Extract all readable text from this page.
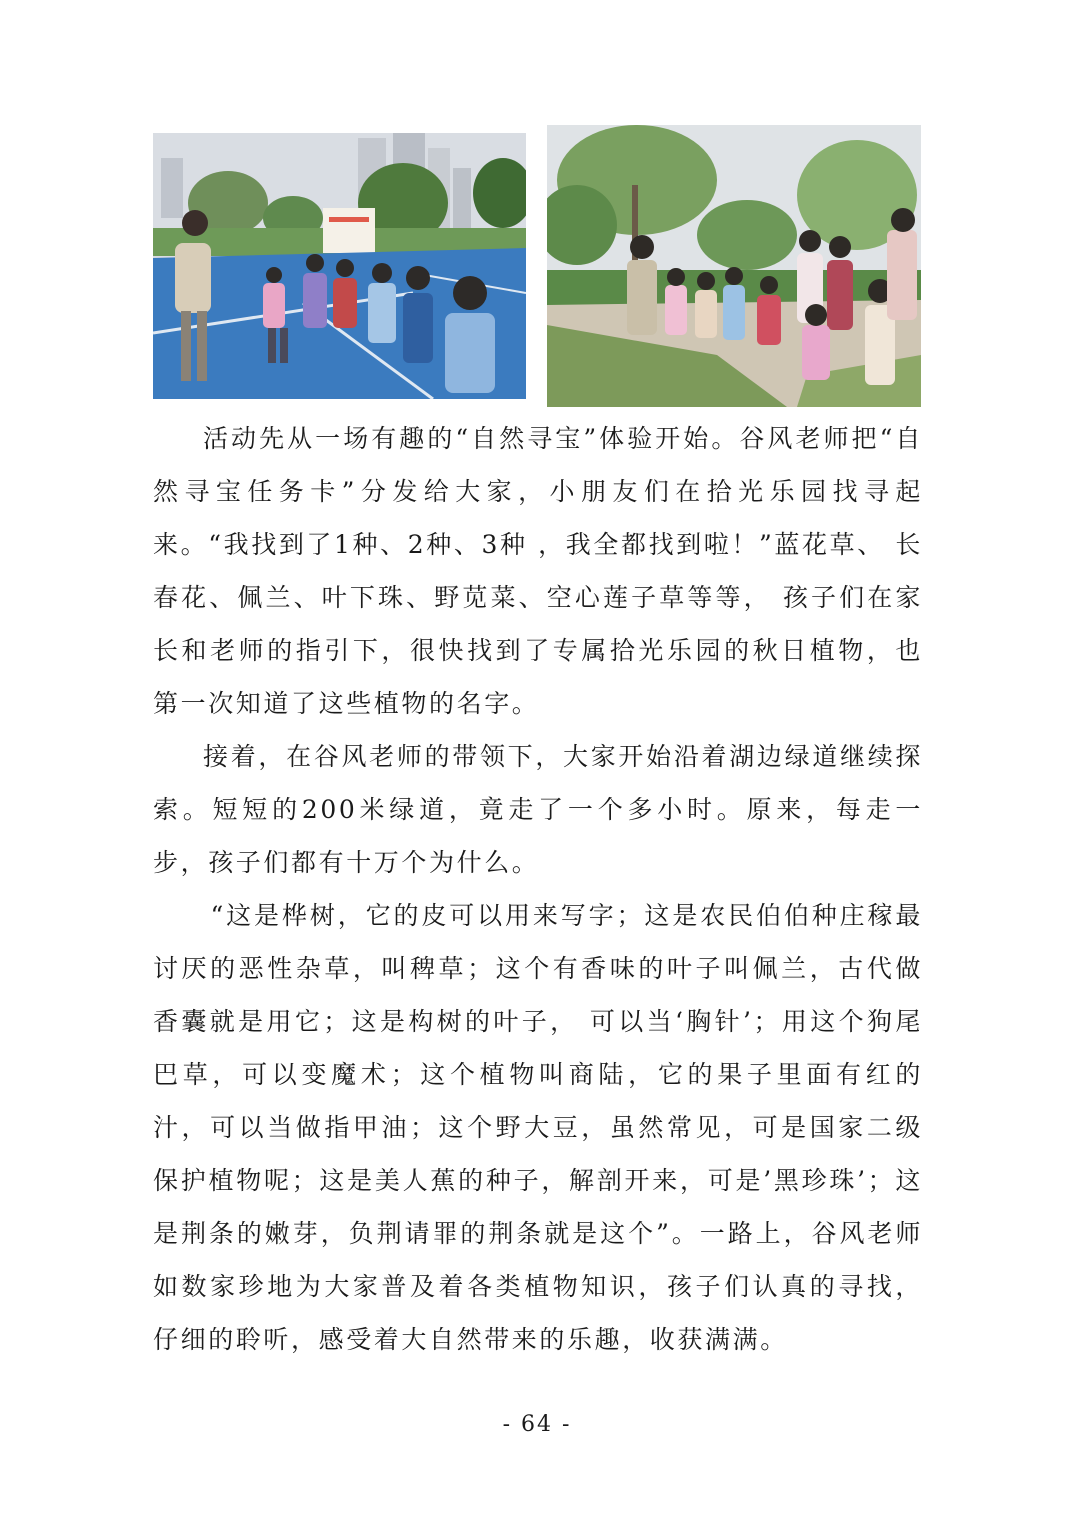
活动先从一场有趣的“自然寻宝”体验开始。谷风老师把“自然寻宝任务卡”分发给大家，小朋友们在拾光乐园找寻起来。“我找到了1种、2种、3种 ，我全都找到啦！”蓝花草、 长春花、佩兰、叶下珠、野苋菜、空心莲子草等等， 孩子们在家长和老师的指引下，很快找到了专属拾光乐园的秋日植物，也第一次知道了这些植物的名字。

接着，在谷风老师的带领下，大家开始沿着湖边绿道继续探索。短短的200米绿道，竟走了一个多小时。原来，每走一步，孩子们都有十万个为什么。

“这是桦树，它的皮可以用来写字；这是农民伯伯种庄稼最讨厌的恶性杂草，叫稗草；这个有香味的叶子叫佩兰，古代做香囊就是用它；这是构树的叶子， 可以当‘胸针’；用这个狗尾巴草，可以变魔术；这个植物叫商陆，它的果子里面有红的汁，可以当做指甲油；这个野大豆，虽然常见，可是国家二级保护植物呢；这是美人蕉的种子，解剖开来，可是’黑珍珠’；这是荆条的嫩芽，负荆请罪的荆条就是这个”。一路上，谷风老师如数家珍地为大家普及着各类植物知识，孩子们认真的寻找，仔细的聆听，感受着大自然带来的乐趣，收获满满。

- 64 -
